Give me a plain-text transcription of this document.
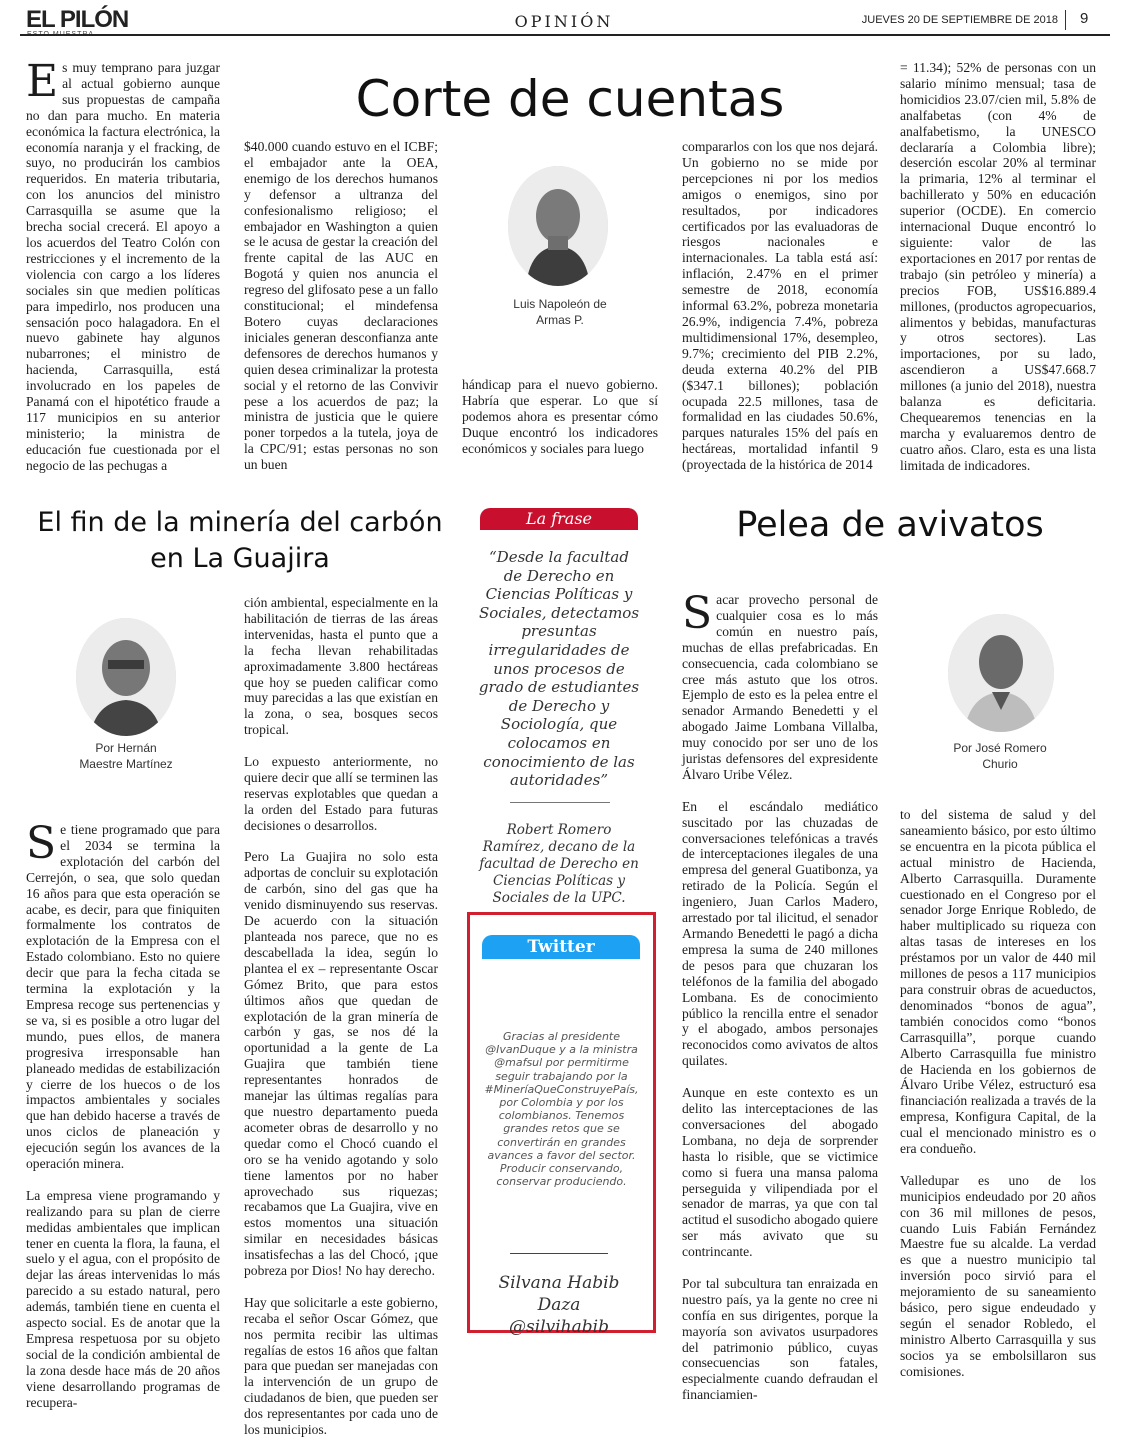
EL PILÓN	OPINIÓN	JUEVES 20 DE SEPTIEMBRE DE 2018 9
Corte de cuentas

Es muy temprano para juzgar al actual gobierno aunque sus propuestas de campaña no dan para mucho. En materia económica la factura electrónica, la economía naranja y el fracking, de suyo, no producirán los cambios requeridos. En materia tributaria, con los anuncios del ministro Carrasquilla se asume que la brecha social crecerá. El apoyo a los acuerdos del Teatro Colón con restricciones y el incremento de la violencia con cargo a los líderes sociales sin que medien políticas para impedirlo, nos producen una sensación poco halagadora. En el nuevo gabinete hay algunos nubarrones; el ministro de hacienda, Carrasquilla, está involucrado en los papeles de Panamá con el hipotético fraude a 117 municipios en su anterior ministerio; la ministra de educación fue cuestionada por el negocio de las pechugas a

$40.000 cuando estuvo en el ICBF; el embajador ante la OEA, enemigo de los derechos humanos y defensor a ultranza del confesionalismo religioso; el embajador en Washington a quien se le acusa de gestar la creación del frente capital de las AUC en Bogotá y quien nos anuncia el regreso del glifosato pese a un fallo constitucional; el mindefensa Botero cuyas declaraciones iniciales generan desconfianza ante defensores de derechos humanos y quien desea criminalizar la protesta social y el retorno de las Convivir pese a los acuerdos de paz; la ministra de justicia que le quiere poner torpedos a la tutela, joya de la CPC/91; estas personas no son un buen

Luis Napoleón de
Armas P.

hándicap para el nuevo gobierno. Habría que esperar. Lo que sí podemos ahora es presentar cómo Duque encontró los indicadores económicos y sociales para luego

compararlos con los que nos dejará. Un gobierno no se mide por percepciones ni por los medios amigos o enemigos, sino por resultados, por indicadores certificados por las evaluadoras de riesgos nacionales e internacionales. La tabla está así: inflación, 2.47% en el primer semestre de 2018, economía informal 63.2%, pobreza monetaria 26.9%, indigencia 7.4%, pobreza multidimensional 17%, desempleo, 9.7%; crecimiento del PIB 2.2%, deuda externa 40.2% del PIB ($347.1 billones); población ocupada 22.5 millones, tasa de formalidad en las ciudades 50.6%, parques naturales 15% del país en hectáreas, mortalidad infantil 9 (proyectada de la histórica de 2014

= 11.34); 52% de personas con un salario mínimo mensual; tasa de homicidios 23.07/cien mil, 5.8% de analfabetas (con 4% de analfabetismo, la UNESCO declararía a Colombia libre); deserción escolar 20% al terminar la primaria, 12% al terminar el bachillerato y 50% en educación superior (OCDE). En comercio internacional Duque encontró lo siguiente: valor de las exportaciones en 2017 por rentas de trabajo (sin petróleo y minería) a precios FOB, US$16.889.4 millones, (productos agropecuarios, alimentos y bebidas, manufacturas y otros sectores). Las importaciones, por su lado, ascendieron a US$47.668.7 millones (a junio del 2018), nuestra balanza es deficitaria. Chequearemos tenencias en la marcha y evaluaremos dentro de cuatro años. Claro, esta es una lista limitada de indicadores.

El fin de la minería del carbón en La Guajira
Por Hernán
Maestre Martínez

Se tiene programado que para el 2034 se termina la explotación del carbón del Cerrejón, o sea, que solo quedan 16 años para que esta operación se acabe, es decir, para que finiquiten formalmente los contratos de explotación de la Empresa con el Estado colombiano. Esto no quiere decir que para la fecha citada se termina la explotación y la Empresa recoge sus pertenencias y se va, si es posible a otro lugar del mundo, pues ellos, de manera progresiva irresponsable han planeado medidas de estabilización y cierre de los huecos o de los impactos ambientales y sociales que han debido hacerse a través de unos ciclos de planeación y ejecución según los avances de la operación minera.

La empresa viene programando y realizando para su plan de cierre medidas ambientales que implican tener en cuenta la flora, la fauna, el suelo y el agua, con el propósito de dejar las áreas intervenidas lo más parecido a su estado natural, pero además, también tiene en cuenta el aspecto social. Es de anotar que la Empresa respetuosa por su objeto social de la condición ambiental de la zona desde hace más de 20 años viene desarrollando programas de recupera-

ción ambiental, especialmente en la habilitación de tierras de las áreas intervenidas, hasta el punto que a la fecha llevan rehabilitadas aproximadamente 3.800 hectáreas que hoy se pueden calificar como muy parecidas a las que existían en la zona, o sea, bosques secos tropical.

Lo expuesto anteriormente, no quiere decir que allí se terminen las reservas explotables que quedan a la orden del Estado para futuras decisiones o desarrollos.

Pero La Guajira no solo esta adportas de concluir su explotación de carbón, sino del gas que ha venido disminuyendo sus reservas. De acuerdo con la situación planteada nos parece, que no es descabellada la idea, según lo plantea el ex – representante Oscar Gómez Brito, que para estos últimos años que quedan de explotación de la gran minería de carbón y gas, se nos dé la oportunidad a la gente de La Guajira que también tiene representantes honrados de manejar las últimas regalías para que nuestro departamento pueda acometer obras de desarrollo y no quedar como el Chocó cuando el oro se ha venido agotando y solo tiene lamentos por no haber aprovechado sus riquezas; recabamos que La Guajira, vive en estos momentos una situación similar en necesidades básicas insatisfechas a las del Chocó, ¡que pobreza por Dios! No hay derecho.

Hay que solicitarle a este gobierno, recaba el señor Oscar Gómez, que nos permita recibir las ultimas regalías de estos 16 años que faltan para que puedan ser manejadas con la intervención de un grupo de ciudadanos de bien, que pueden ser dos representantes por cada uno de los municipios.

La frase
“Desde la facultad de Derecho en Ciencias Políticas y Sociales, detectamos presuntas irregularidades de unos procesos de grado de estudiantes de Derecho y Sociología, que colocamos en conocimiento de las autoridades”
Robert Romero Ramírez, decano de la facultad de Derecho en Ciencias Políticas y Sociales de la UPC.
Twitter
Gracias al presidente @IvanDuque y a la ministra @mafsul por permitirme seguir trabajando por la #MineríaQueConstruyePaís, por Colombia y por los colombianos. Tenemos grandes retos que se convertirán en grandes avances a favor del sector. Producir conservando, conservar produciendo.
Silvana Habib Daza
@silvihabib
Pelea de avivatos
Por José Romero
Churio

Sacar provecho personal de cualquier cosa es lo más común en nuestro país, muchas de ellas prefabricadas. En consecuencia, cada colombiano se cree más astuto que los otros. Ejemplo de esto es la pelea entre el senador Armando Benedetti y el abogado Jaime Lombana Villalba, muy conocido por ser uno de los juristas defensores del expresidente Álvaro Uribe Vélez.

En el escándalo mediático suscitado por las chuzadas de conversaciones telefónicas a través de interceptaciones ilegales de una empresa del general Guatibonza, ya retirado de la Policía. Según el ingeniero, Juan Carlos Madero, arrestado por tal ilicitud, el senador Armando Benedetti le pagó a dicha empresa la suma de 240 millones de pesos para que chuzaran los teléfonos de la familia del abogado Lombana. Es de conocimiento público la rencilla entre el senador y el abogado, ambos personajes reconocidos como avivatos de altos quilates.

Aunque en este contexto es un delito las interceptaciones de las conversaciones del abogado Lombana, no deja de sorprender hasta lo risible, que se victimice como si fuera una mansa paloma perseguida y vilipendiada por el senador de marras, ya que con tal actitud el susodicho abogado quiere ser más avivato que su contrincante.

Por tal subcultura tan enraizada en nuestro país, ya la gente no cree ni confía en sus dirigentes, porque la mayoría son avivatos usurpadores del patrimonio público, cuyas consecuencias son fatales, especialmente cuando defraudan el financiamien-

to del sistema de salud y del saneamiento básico, por esto último se encuentra en la picota pública el actual ministro de Hacienda, Alberto Carrasquilla. Duramente cuestionado en el Congreso por el senador Jorge Enrique Robledo, de haber multiplicado su riqueza con altas tasas de intereses en los préstamos por un valor de 440 mil millones de pesos a 117 municipios para construir obras de acueductos, denominados “bonos de agua”, también conocidos como “bonos Carrasquilla”, porque cuando Alberto Carrasquilla fue ministro de Hacienda en los gobiernos de Álvaro Uribe Vélez, estructuró esa financiación realizada a través de la empresa, Konfigura Capital, de la cual el mencionado ministro es o era condueño.

Valledupar es uno de los municipios endeudado por 20 años con 36 mil millones de pesos, cuando Luis Fabián Fernández Maestre fue su alcalde. La verdad es que a nuestro municipio tal inversión poco sirvió para el mejoramiento de su saneamiento básico, pero sigue endeudado y según el senador Robledo, el ministro Alberto Carrasquilla y sus socios ya se embolsillaron sus comisiones.
